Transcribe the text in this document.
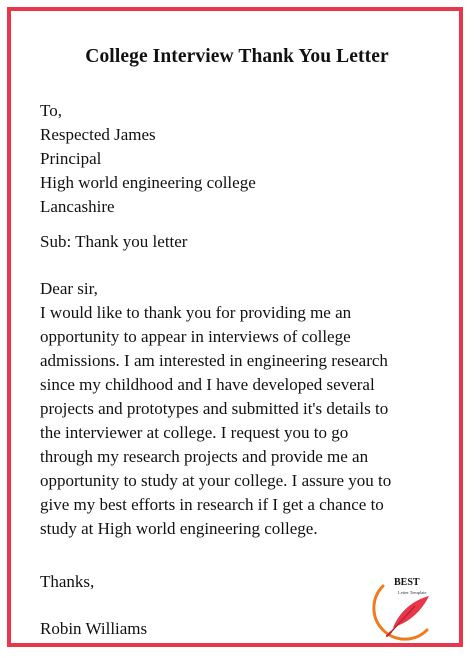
College Interview Thank You Letter
To,
Respected James
Principal
High world engineering college
Lancashire
Sub: Thank you letter
Dear sir,
I would like to thank you for providing me an
opportunity to appear in interviews of college
admissions. I am interested in engineering research
since my childhood and I have developed several
projects and prototypes and submitted it's details to
the interviewer at college. I request you to go
through my research projects and provide me an
opportunity to study at your college. I assure you to
give my best efforts in research if I get a chance to
study at High world engineering college.
Thanks,
Robin Williams
BEST
Letter Template
